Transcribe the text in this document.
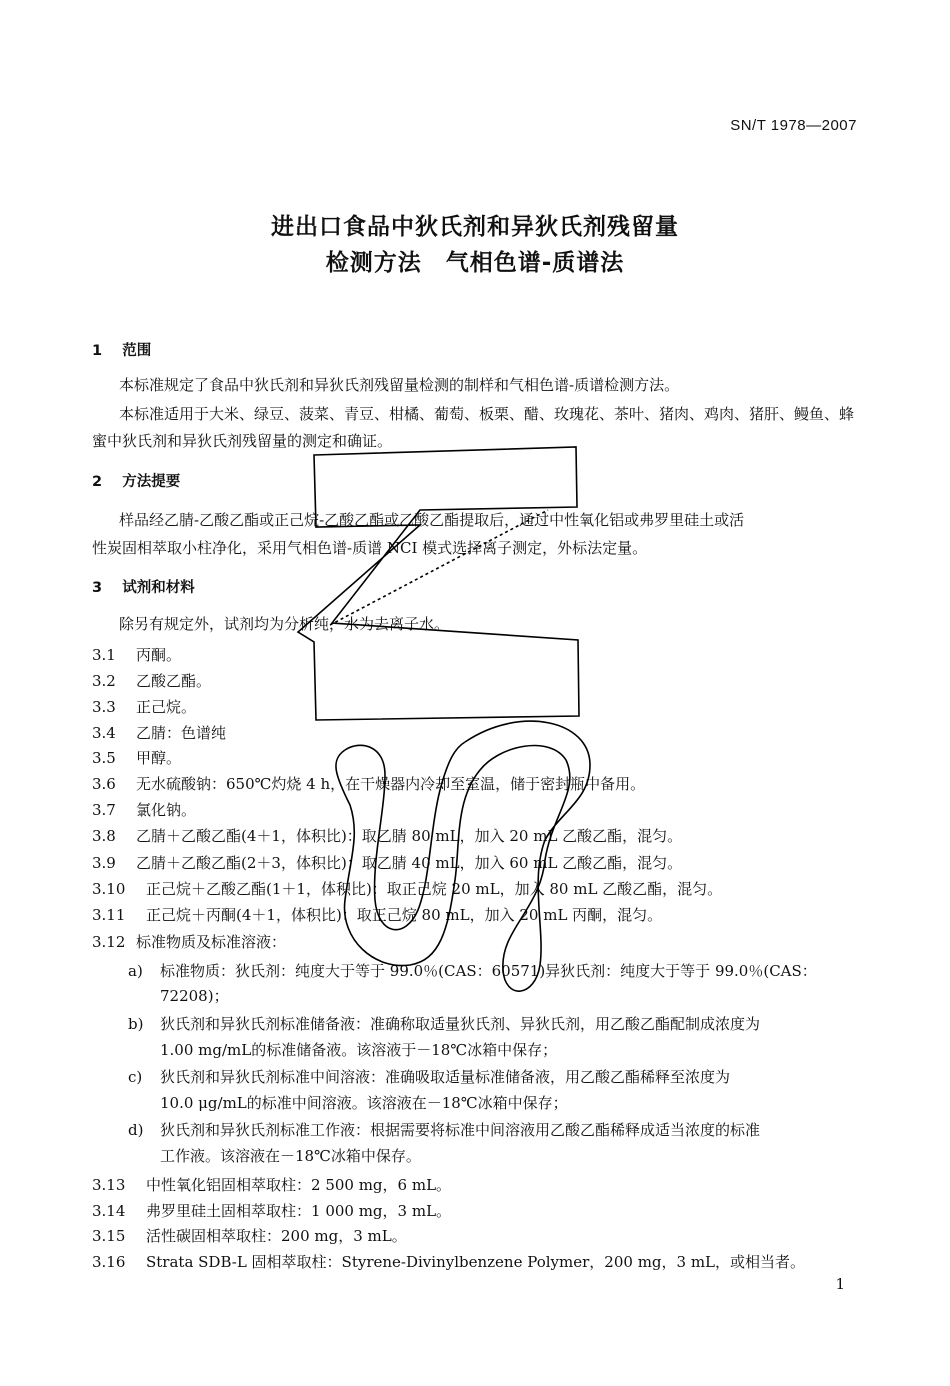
SN/T 1978—2007
进出口食品中狄氏剂和异狄氏剂残留量
检测方法　气相色谱-质谱法
1 范围
本标准规定了食品中狄氏剂和异狄氏剂残留量检测的制样和气相色谱-质谱检测方法。
本标准适用于大米、绿豆、菠菜、青豆、柑橘、葡萄、板栗、醋、玫瑰花、茶叶、猪肉、鸡肉、猪肝、鳗鱼、蜂
蜜中狄氏剂和异狄氏剂残留量的测定和确证。
2 方法提要
样品经乙腈-乙酸乙酯或正己烷-乙酸乙酯或乙酸乙酯提取后，通过中性氧化铝或弗罗里硅土或活
性炭固相萃取小柱净化，采用气相色谱-质谱 NCI 模式选择离子测定，外标法定量。
3 试剂和材料
除另有规定外，试剂均为分析纯，水为去离子水。
3.1 丙酮。
3.2 乙酸乙酯。
3.3 正己烷。
3.4 乙腈：色谱纯
3.5 甲醇。
3.6 无水硫酸钠：650℃灼烧 4 h，在干燥器内冷却至室温，储于密封瓶中备用。
3.7 氯化钠。
3.8 乙腈＋乙酸乙酯(4＋1，体积比)：取乙腈 80 mL，加入 20 mL 乙酸乙酯，混匀。
3.9 乙腈＋乙酸乙酯(2＋3，体积比)：取乙腈 40 mL，加入 60 mL 乙酸乙酯，混匀。
3.10 正己烷＋乙酸乙酯(1＋1，体积比)：取正己烷 20 mL，加入 80 mL 乙酸乙酯，混匀。
3.11 正己烷＋丙酮(4＋1，体积比)：取正己烷 80 mL，加入 20 mL 丙酮，混匀。
3.12 标准物质及标准溶液：
a) 标准物质：狄氏剂：纯度大于等于 99.0％(CAS：60571)异狄氏剂：纯度大于等于 99.0％(CAS：
72208)；
b) 狄氏剂和异狄氏剂标准储备液：准确称取适量狄氏剂、异狄氏剂，用乙酸乙酯配制成浓度为
1.00 mg/mL的标准储备液。该溶液于－18℃冰箱中保存；
c) 狄氏剂和异狄氏剂标准中间溶液：准确吸取适量标准储备液，用乙酸乙酯稀释至浓度为
10.0 μg/mL的标准中间溶液。该溶液在－18℃冰箱中保存；
d) 狄氏剂和异狄氏剂标准工作液：根据需要将标准中间溶液用乙酸乙酯稀释成适当浓度的标准
工作液。该溶液在－18℃冰箱中保存。
3.13 中性氧化铝固相萃取柱：2 500 mg，6 mL。
3.14 弗罗里硅土固相萃取柱：1 000 mg，3 mL。
3.15 活性碳固相萃取柱：200 mg，3 mL。
3.16 Strata SDB-L 固相萃取柱：Styrene-Divinylbenzene Polymer，200 mg，3 mL，或相当者。
1
